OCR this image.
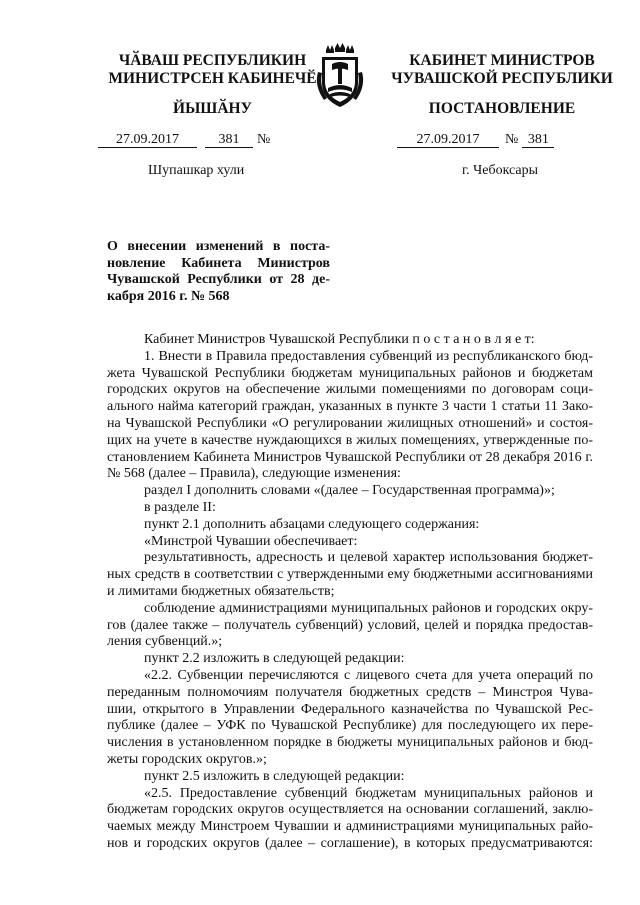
ЧӐВАШ РЕСПУБЛИКИН
МИНИСТРСЕН КАБИНЕЧӖ
КАБИНЕТ МИНИСТРОВ
ЧУВАШСКОЙ РЕСПУБЛИКИ
ЙЫШӐНУ	ПОСТАНОВЛЕНИЕ
27.09.2017	381 №	27.09.2017 № 381
Шупашкар хули	г. Чебоксары
О внесении изменений в поста-
новление Кабинета Министров
Чувашской Республики от 28 де-
кабря 2016 г. № 568
Кабинет Министров Чувашской Республики п о с т а н о в л я е т:
1. Внести в Правила предоставления субвенций из республиканского бюд-
жета Чувашской Республики бюджетам муниципальных районов и бюджетам
городских округов на обеспечение жилыми помещениями по договорам соци-
ального найма категорий граждан, указанных в пункте 3 части 1 статьи 11 Зако-
на Чувашской Республики «О регулировании жилищных отношений» и состоя-
щих на учете в качестве нуждающихся в жилых помещениях, утвержденные по-
становлением Кабинета Министров Чувашской Республики от 28 декабря 2016 г.
№ 568 (далее – Правила), следующие изменения:
раздел I дополнить словами «(далее – Государственная программа)»;
в разделе II:
пункт 2.1 дополнить абзацами следующего содержания:
«Минстрой Чувашии обеспечивает:
результативность, адресность и целевой характер использования бюджет-
ных средств в соответствии с утвержденными ему бюджетными ассигнованиями
и лимитами бюджетных обязательств;
соблюдение администрациями муниципальных районов и городских окру-
гов (далее также – получатель субвенций) условий, целей и порядка предостав-
ления субвенций.»;
пункт 2.2 изложить в следующей редакции:
«2.2. Субвенции перечисляются с лицевого счета для учета операций по
переданным полномочиям получателя бюджетных средств – Минстроя Чува-
шии, открытого в Управлении Федерального казначейства по Чувашской Рес-
публике (далее – УФК по Чувашской Республике) для последующего их пере-
числения в установленном порядке в бюджеты муниципальных районов и бюд-
жеты городских округов.»;
пункт 2.5 изложить в следующей редакции:
«2.5. Предоставление субвенций бюджетам муниципальных районов и
бюджетам городских округов осуществляется на основании соглашений, заклю-
чаемых между Минстроем Чувашии и администрациями муниципальных райо-
нов и городских округов (далее – соглашение), в которых предусматриваются:
